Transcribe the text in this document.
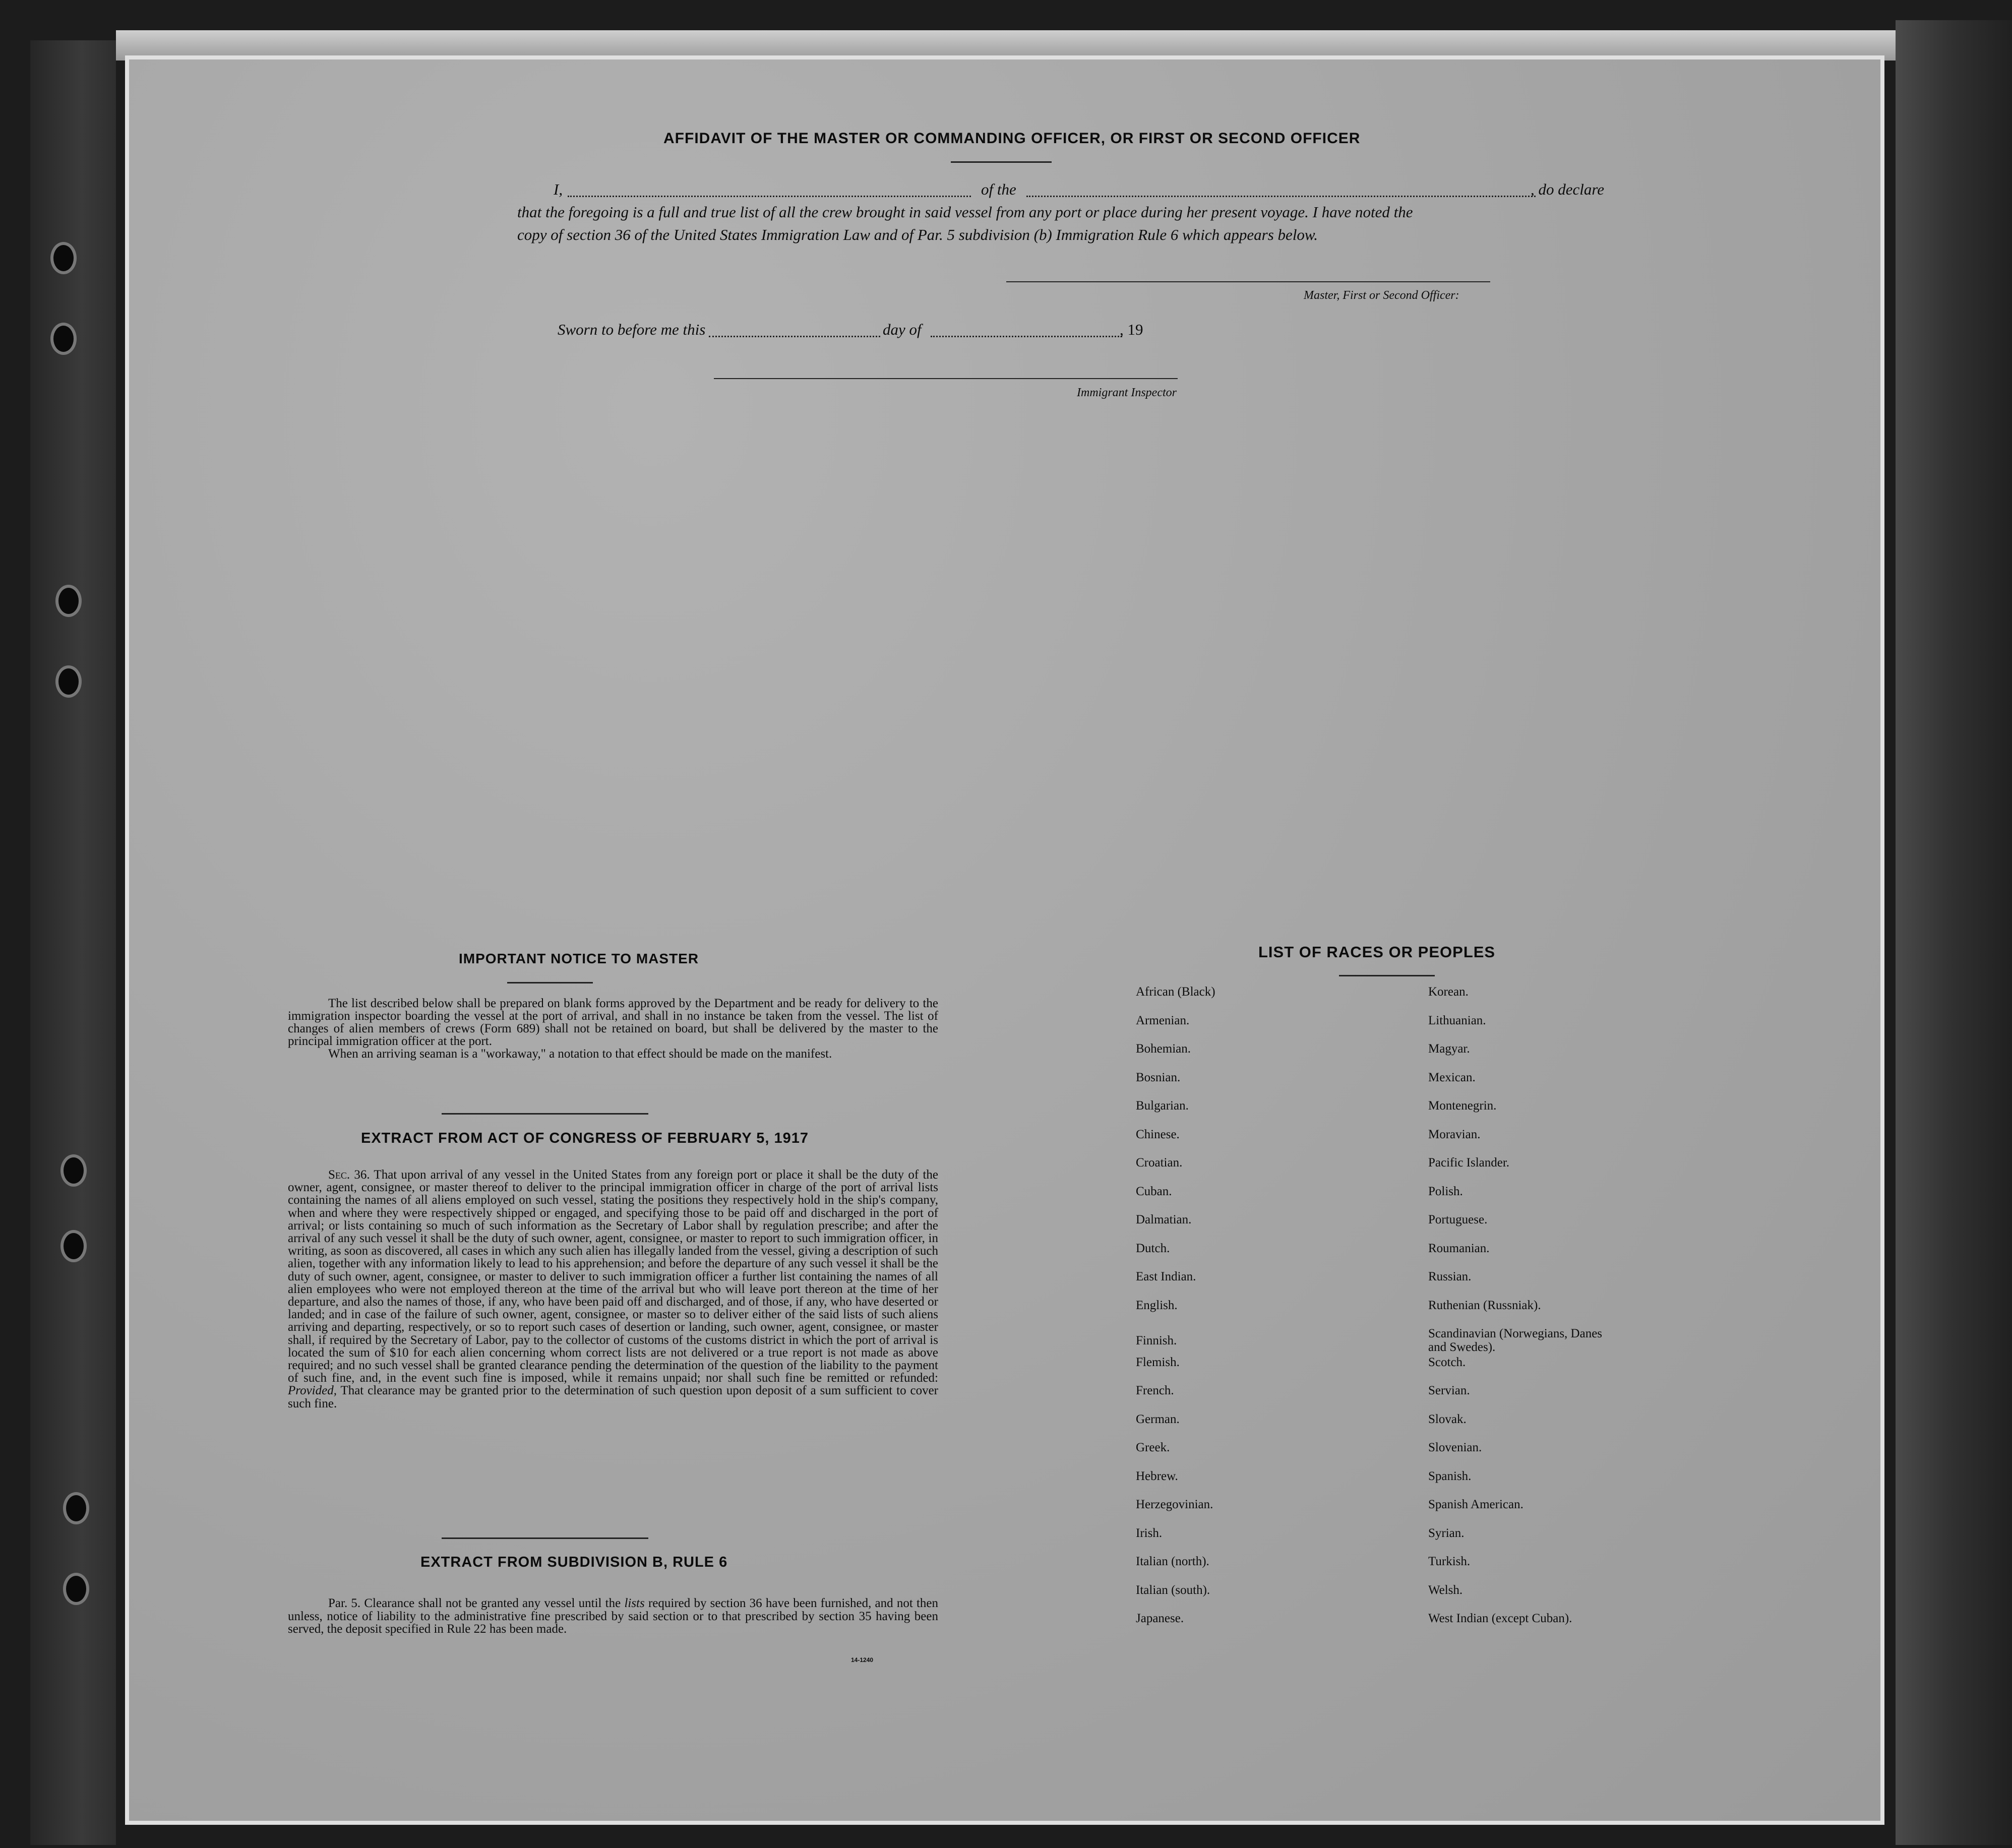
AFFIDAVIT OF THE MASTER OR COMMANDING OFFICER, OR FIRST OR SECOND OFFICER
I,	of the	, do declare
that the foregoing is a full and true list of all the crew brought in said vessel from any port or place during her present voyage. I have noted the
copy of section 36 of the United States Immigration Law and of Par. 5 subdivision (b) Immigration Rule 6 which appears below.
Master, First or Second Officer:
Sworn to before me this	day of	, 19
Immigrant Inspector
IMPORTANT NOTICE TO MASTER

The list described below shall be prepared on blank forms approved by the Department and be ready for delivery to the immigration inspector boarding the vessel at the port of arrival, and shall in no instance be taken from the vessel. The list of changes of alien members of crews (Form 689) shall not be retained on board, but shall be delivered by the master to the principal immigration officer at the port.

When an arriving seaman is a "workaway," a notation to that effect should be made on the manifest.

EXTRACT FROM ACT OF CONGRESS OF FEBRUARY 5, 1917

Sec. 36. That upon arrival of any vessel in the United States from any foreign port or place it shall be the duty of the owner, agent, consignee, or master thereof to deliver to the principal immigration officer in charge of the port of arrival lists containing the names of all aliens employed on such vessel, stating the positions they respectively hold in the ship's company, when and where they were respectively shipped or engaged, and specifying those to be paid off and discharged in the port of arrival; or lists containing so much of such information as the Secretary of Labor shall by regulation prescribe; and after the arrival of any such vessel it shall be the duty of such owner, agent, consignee, or master to report to such immigration officer, in writing, as soon as discovered, all cases in which any such alien has illegally landed from the vessel, giving a description of such alien, together with any information likely to lead to his apprehension; and before the departure of any such vessel it shall be the duty of such owner, agent, consignee, or master to deliver to such immigration officer a further list containing the names of all alien employees who were not employed thereon at the time of the arrival but who will leave port thereon at the time of her departure, and also the names of those, if any, who have been paid off and discharged, and of those, if any, who have deserted or landed; and in case of the failure of such owner, agent, consignee, or master so to deliver either of the said lists of such aliens arriving and departing, respectively, or so to report such cases of desertion or landing, such owner, agent, consignee, or master shall, if required by the Secretary of Labor, pay to the collector of customs of the customs district in which the port of arrival is located the sum of $10 for each alien concerning whom correct lists are not delivered or a true report is not made as above required; and no such vessel shall be granted clearance pending the determination of the question of the liability to the payment of such fine, and, in the event such fine is imposed, while it remains unpaid; nor shall such fine be remitted or refunded: Provided, That clearance may be granted prior to the determination of such question upon deposit of a sum sufficient to cover such fine.

EXTRACT FROM SUBDIVISION B, RULE 6

Par. 5. Clearance shall not be granted any vessel until the lists required by section 36 have been furnished, and not then unless, notice of liability to the administrative fine prescribed by said section or to that prescribed by section 35 having been served, the deposit specified in Rule 22 has been made.

14-1240
LIST OF RACES OR PEOPLES
African (Black)
Armenian.
Bohemian.
Bosnian.
Bulgarian.
Chinese.
Croatian.
Cuban.
Dalmatian.
Dutch.
East Indian.
English.
Finnish.
Flemish.
French.
German.
Greek.
Hebrew.
Herzegovinian.
Irish.
Italian (north).
Italian (south).
Japanese.
Korean.
Lithuanian.
Magyar.
Mexican.
Montenegrin.
Moravian.
Pacific Islander.
Polish.
Portuguese.
Roumanian.
Russian.
Ruthenian (Russniak).
Scandinavian (Norwegians, Danes and Swedes).
Scotch.
Servian.
Slovak.
Slovenian.
Spanish.
Spanish American.
Syrian.
Turkish.
Welsh.
West Indian (except Cuban).
